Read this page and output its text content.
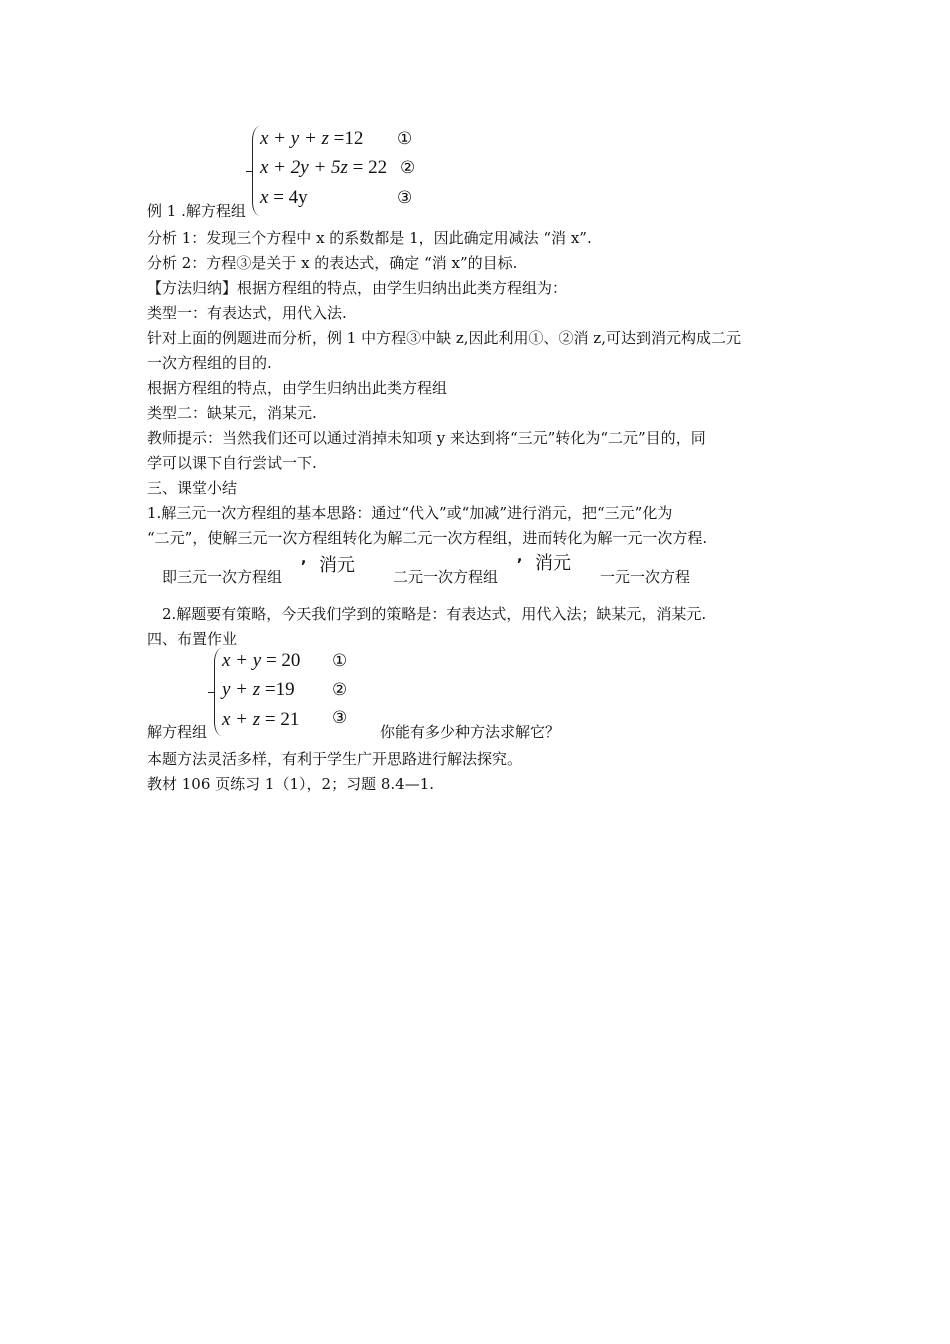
x + y + z =12 ①
x + 2y + 5z = 22 ②
x = 4y	③
例 1 .解方程组
分析 1：发现三个方程中 x 的系数都是 1，因此确定用减法 “消 x”.
分析 2：方程③是关于 x 的表达式，确定 “消 x”的目标.
【方法归纳】根据方程组的特点，由学生归纳出此类方程组为：
类型一：有表达式，用代入法.
针对上面的例题进而分析，例 1 中方程③中缺 z,因此利用①、②消 z,可达到消元构成二元
一次方程组的目的.
根据方程组的特点，由学生归纳出此类方程组
类型二：缺某元，消某元.
教师提示：当然我们还可以通过消掉未知项 y 来达到将“三元”转化为“二元”目的，同
学可以课下自行尝试一下.
三、课堂小结
1.解三元一次方程组的基本思路：通过“代入”或“加减”进行消元，把“三元”化为
“二元”，使解三元一次方程组转化为解二元一次方程组，进而转化为解一元一次方程.
即三元一次方程组
, 消元
二元一次方程组
, 消元
一元一次方程
2.解题要有策略，今天我们学到的策略是：有表达式，用代入法；缺某元，消某元.
四、布置作业
x + y = 20 ①
y + z =19 ②
x + z = 21 ③
解方程组	你能有多少种方法求解它？
本题方法灵活多样，有利于学生广开思路进行解法探究。
教材 106 页练习 1（1），2；习题 8.4—1.
